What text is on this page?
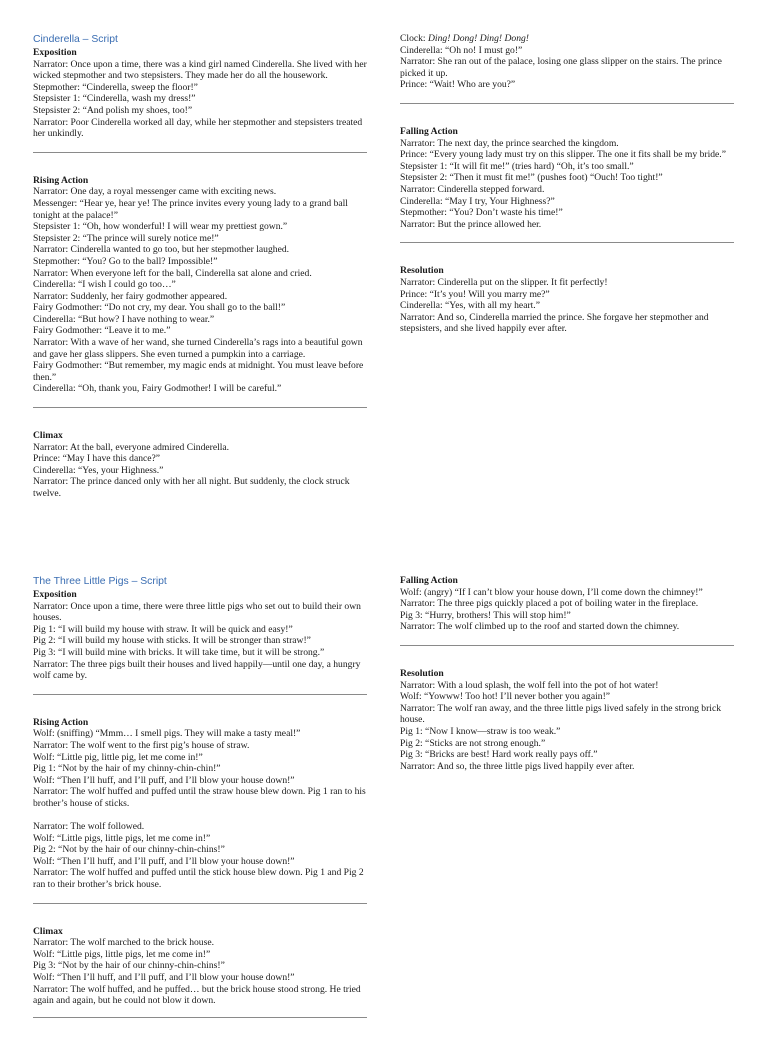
Cinderella – Script
Exposition
Narrator: Once upon a time, there was a kind girl named Cinderella. She lived with her wicked stepmother and two stepsisters. They made her do all the housework.
Stepmother: “Cinderella, sweep the floor!”
Stepsister 1: “Cinderella, wash my dress!”
Stepsister 2: “And polish my shoes, too!”
Narrator: Poor Cinderella worked all day, while her stepmother and stepsisters treated her unkindly.
Rising Action
Narrator: One day, a royal messenger came with exciting news.
Messenger: “Hear ye, hear ye! The prince invites every young lady to a grand ball tonight at the palace!”
Stepsister 1: “Oh, how wonderful! I will wear my prettiest gown.”
Stepsister 2: “The prince will surely notice me!”
Narrator: Cinderella wanted to go too, but her stepmother laughed.
Stepmother: “You? Go to the ball? Impossible!”
Narrator: When everyone left for the ball, Cinderella sat alone and cried.
Cinderella: “I wish I could go too…”
Narrator: Suddenly, her fairy godmother appeared.
Fairy Godmother: “Do not cry, my dear. You shall go to the ball!”
Cinderella: “But how? I have nothing to wear.”
Fairy Godmother: “Leave it to me.”
Narrator: With a wave of her wand, she turned Cinderella’s rags into a beautiful gown and gave her glass slippers. She even turned a pumpkin into a carriage.
Fairy Godmother: “But remember, my magic ends at midnight. You must leave before then.”
Cinderella: “Oh, thank you, Fairy Godmother! I will be careful.”
Climax
Narrator: At the ball, everyone admired Cinderella.
Prince: “May I have this dance?”
Cinderella: “Yes, your Highness.”
Narrator: The prince danced only with her all night. But suddenly, the clock struck twelve.
Clock: Ding! Dong! Ding! Dong!
Cinderella: “Oh no! I must go!”
Narrator: She ran out of the palace, losing one glass slipper on the stairs. The prince picked it up.
Prince: “Wait! Who are you?”
Falling Action
Narrator: The next day, the prince searched the kingdom.
Prince: “Every young lady must try on this slipper. The one it fits shall be my bride.”
Stepsister 1: “It will fit me!” (tries hard) “Oh, it’s too small.”
Stepsister 2: “Then it must fit me!” (pushes foot) “Ouch! Too tight!”
Narrator: Cinderella stepped forward.
Cinderella: “May I try, Your Highness?”
Stepmother: “You? Don’t waste his time!”
Narrator: But the prince allowed her.
Resolution
Narrator: Cinderella put on the slipper. It fit perfectly!
Prince: “It’s you! Will you marry me?”
Cinderella: “Yes, with all my heart.”
Narrator: And so, Cinderella married the prince. She forgave her stepmother and stepsisters, and she lived happily ever after.
The Three Little Pigs – Script
Exposition
Narrator: Once upon a time, there were three little pigs who set out to build their own houses.
Pig 1: “I will build my house with straw. It will be quick and easy!”
Pig 2: “I will build my house with sticks. It will be stronger than straw!”
Pig 3: “I will build mine with bricks. It will take time, but it will be strong.”
Narrator: The three pigs built their houses and lived happily—until one day, a hungry wolf came by.
Rising Action
Wolf: (sniffing) “Mmm… I smell pigs. They will make a tasty meal!”
Narrator: The wolf went to the first pig’s house of straw.
Wolf: “Little pig, little pig, let me come in!”
Pig 1: “Not by the hair of my chinny-chin-chin!”
Wolf: “Then I’ll huff, and I’ll puff, and I’ll blow your house down!”
Narrator: The wolf huffed and puffed until the straw house blew down. Pig 1 ran to his brother’s house of sticks.
Narrator: The wolf followed.
Wolf: “Little pigs, little pigs, let me come in!”
Pig 2: “Not by the hair of our chinny-chin-chins!”
Wolf: “Then I’ll huff, and I’ll puff, and I’ll blow your house down!”
Narrator: The wolf huffed and puffed until the stick house blew down. Pig 1 and Pig 2 ran to their brother’s brick house.
Climax
Narrator: The wolf marched to the brick house.
Wolf: “Little pigs, little pigs, let me come in!”
Pig 3: “Not by the hair of our chinny-chin-chins!”
Wolf: “Then I’ll huff, and I’ll puff, and I’ll blow your house down!”
Narrator: The wolf huffed, and he puffed… but the brick house stood strong. He tried again and again, but he could not blow it down.
Falling Action
Wolf: (angry) “If I can’t blow your house down, I’ll come down the chimney!”
Narrator: The three pigs quickly placed a pot of boiling water in the fireplace.
Pig 3: “Hurry, brothers! This will stop him!”
Narrator: The wolf climbed up to the roof and started down the chimney.
Resolution
Narrator: With a loud splash, the wolf fell into the pot of hot water!
Wolf: “Yowww! Too hot! I’ll never bother you again!”
Narrator: The wolf ran away, and the three little pigs lived safely in the strong brick house.
Pig 1: “Now I know—straw is too weak.”
Pig 2: “Sticks are not strong enough.”
Pig 3: “Bricks are best! Hard work really pays off.”
Narrator: And so, the three little pigs lived happily ever after.
